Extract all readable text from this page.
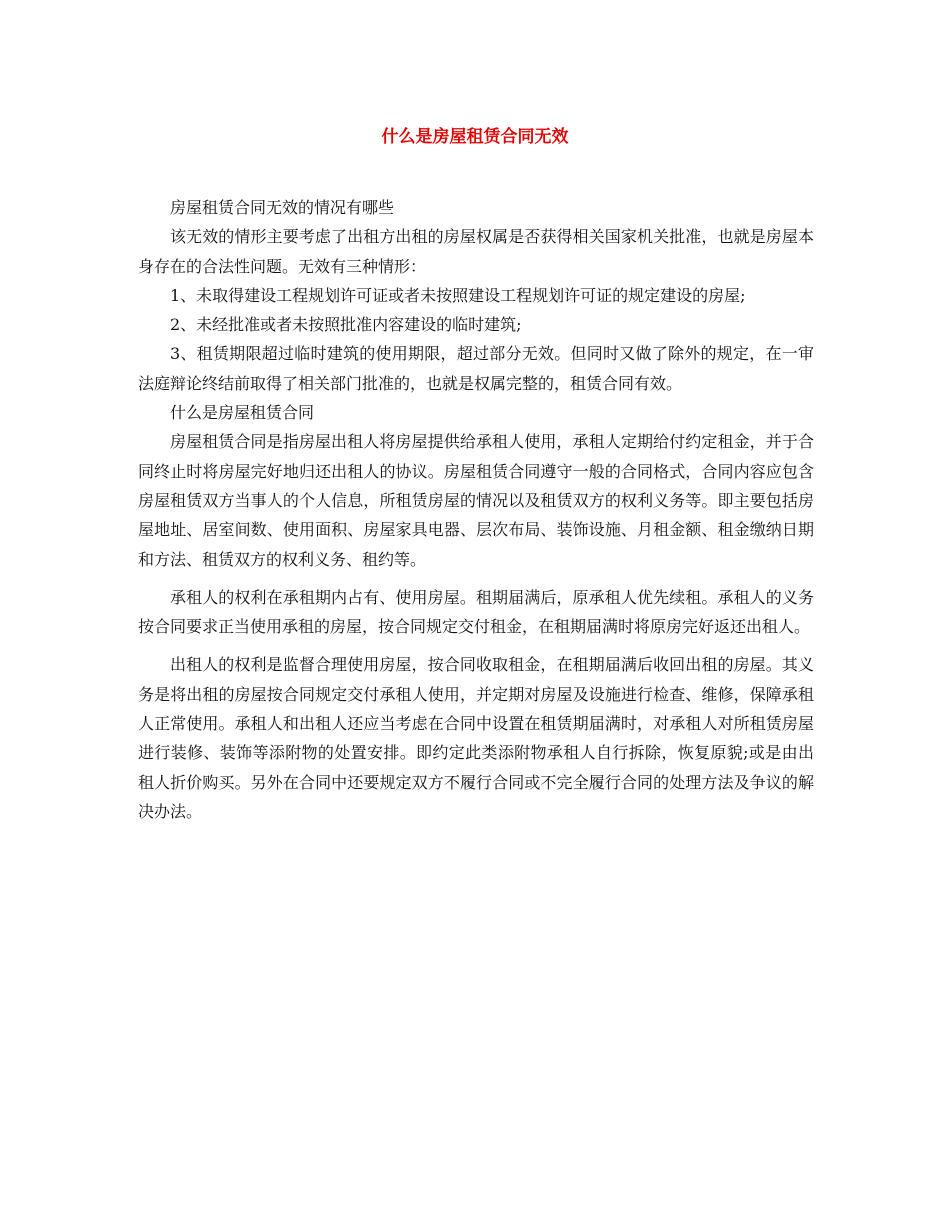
什么是房屋租赁合同无效

房屋租赁合同无效的情况有哪些

该无效的情形主要考虑了出租方出租的房屋权属是否获得相关国家机关批准，也就是房屋本身存在的合法性问题。无效有三种情形：

1、未取得建设工程规划许可证或者未按照建设工程规划许可证的规定建设的房屋;

2、未经批准或者未按照批准内容建设的临时建筑;

3、租赁期限超过临时建筑的使用期限，超过部分无效。但同时又做了除外的规定，在一审法庭辩论终结前取得了相关部门批准的，也就是权属完整的，租赁合同有效。

什么是房屋租赁合同

房屋租赁合同是指房屋出租人将房屋提供给承租人使用，承租人定期给付约定租金，并于合同终止时将房屋完好地归还出租人的协议。房屋租赁合同遵守一般的合同格式，合同内容应包含房屋租赁双方当事人的个人信息，所租赁房屋的情况以及租赁双方的权利义务等。即主要包括房屋地址、居室间数、使用面积、房屋家具电器、层次布局、装饰设施、月租金额、租金缴纳日期和方法、租赁双方的权利义务、租约等。

承租人的权利在承租期内占有、使用房屋。租期届满后，原承租人优先续租。承租人的义务按合同要求正当使用承租的房屋，按合同规定交付租金，在租期届满时将原房完好返还出租人。

出租人的权利是监督合理使用房屋，按合同收取租金，在租期届满后收回出租的房屋。其义务是将出租的房屋按合同规定交付承租人使用，并定期对房屋及设施进行检查、维修，保障承租人正常使用。承租人和出租人还应当考虑在合同中设置在租赁期届满时，对承租人对所租赁房屋进行装修、装饰等添附物的处置安排。即约定此类添附物承租人自行拆除，恢复原貌;或是由出租人折价购买。另外在合同中还要规定双方不履行合同或不完全履行合同的处理方法及争议的解决办法。
